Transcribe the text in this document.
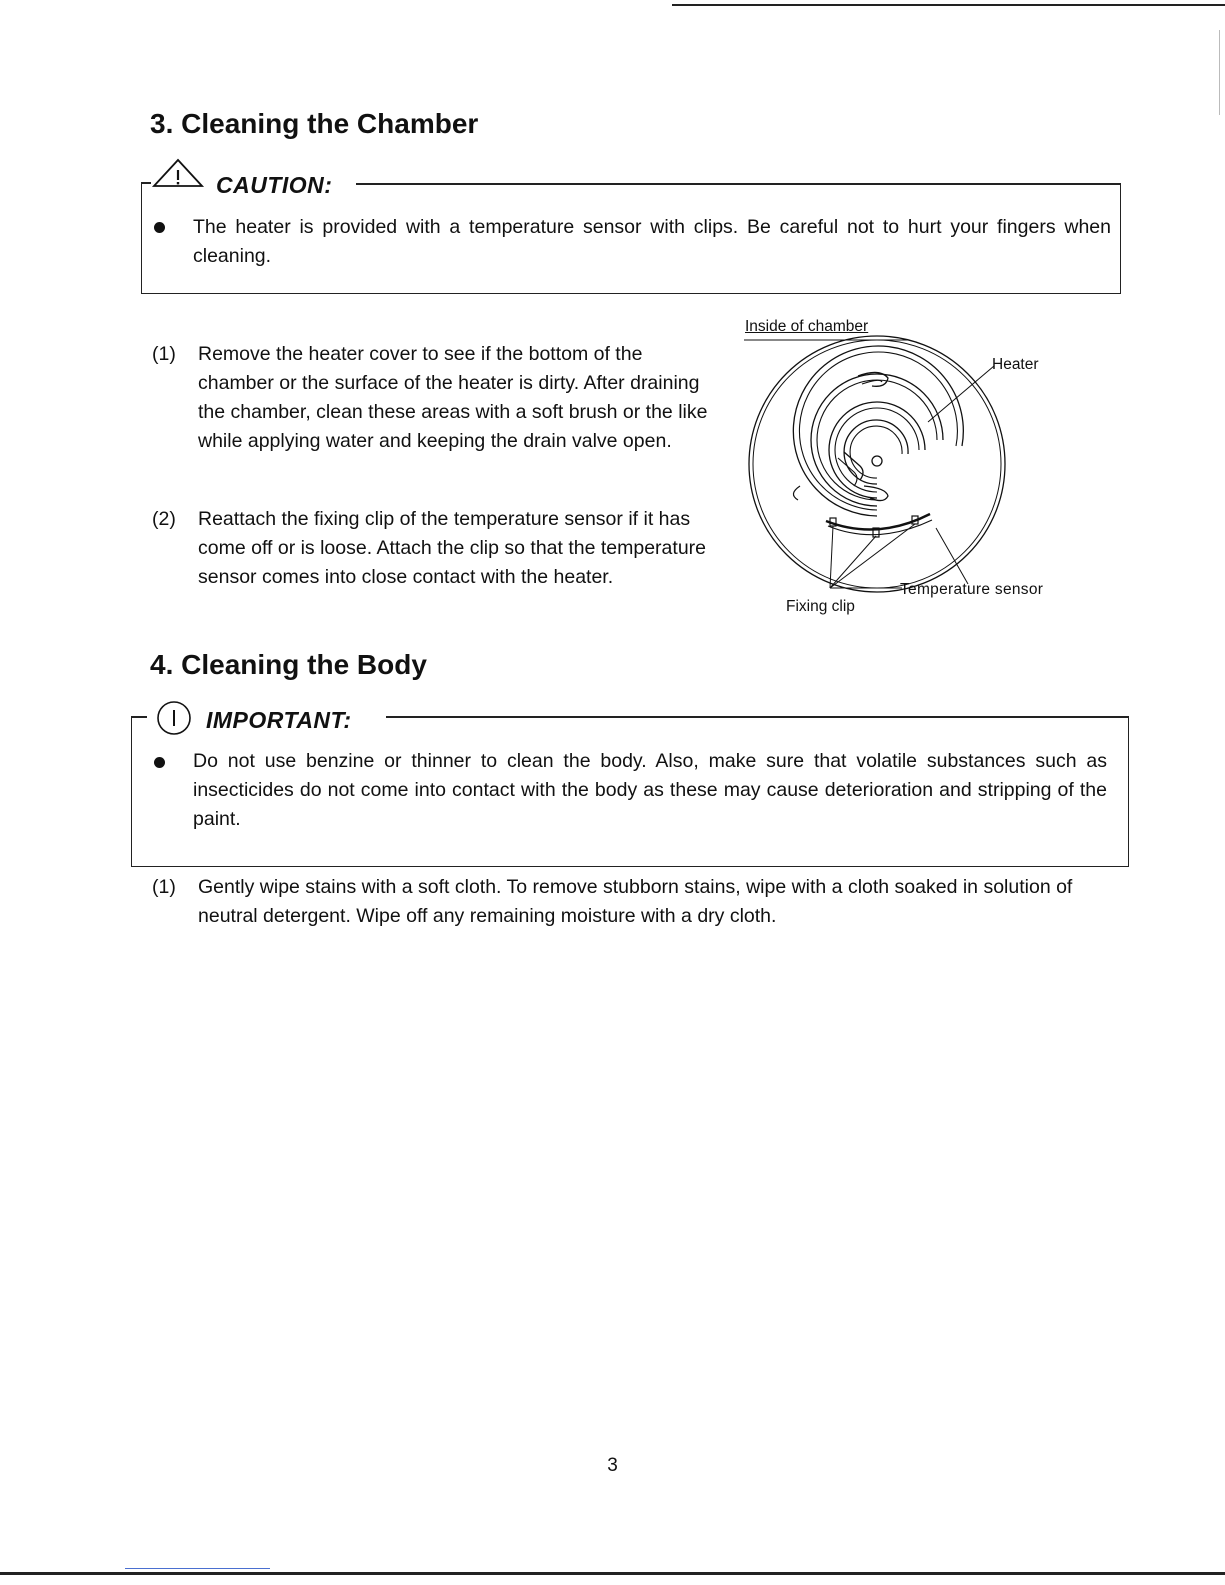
3. Cleaning the Chamber
CAUTION:
The heater is provided with a temperature sensor with clips. Be careful not to hurt your fingers when cleaning.
(1) Remove the heater cover to see if the bottom of the chamber or the surface of the heater is dirty. After draining the chamber, clean these areas with a soft brush or the like while applying water and keeping the drain valve open.
(2) Reattach the fixing clip of the temperature sensor if it has come off or is loose. Attach the clip so that the temperature sensor comes into close contact with the heater.
Inside of chamber
Heater
Temperature sensor
Fixing clip
4. Cleaning the Body
IMPORTANT:
Do not use benzine or thinner to clean the body. Also, make sure that volatile substances such as insecticides do not come into contact with the body as these may cause deterioration and stripping of the paint.
(1) Gently wipe stains with a soft cloth. To remove stubborn stains, wipe with a cloth soaked in solution of neutral detergent. Wipe off any remaining moisture with a dry cloth.
3
